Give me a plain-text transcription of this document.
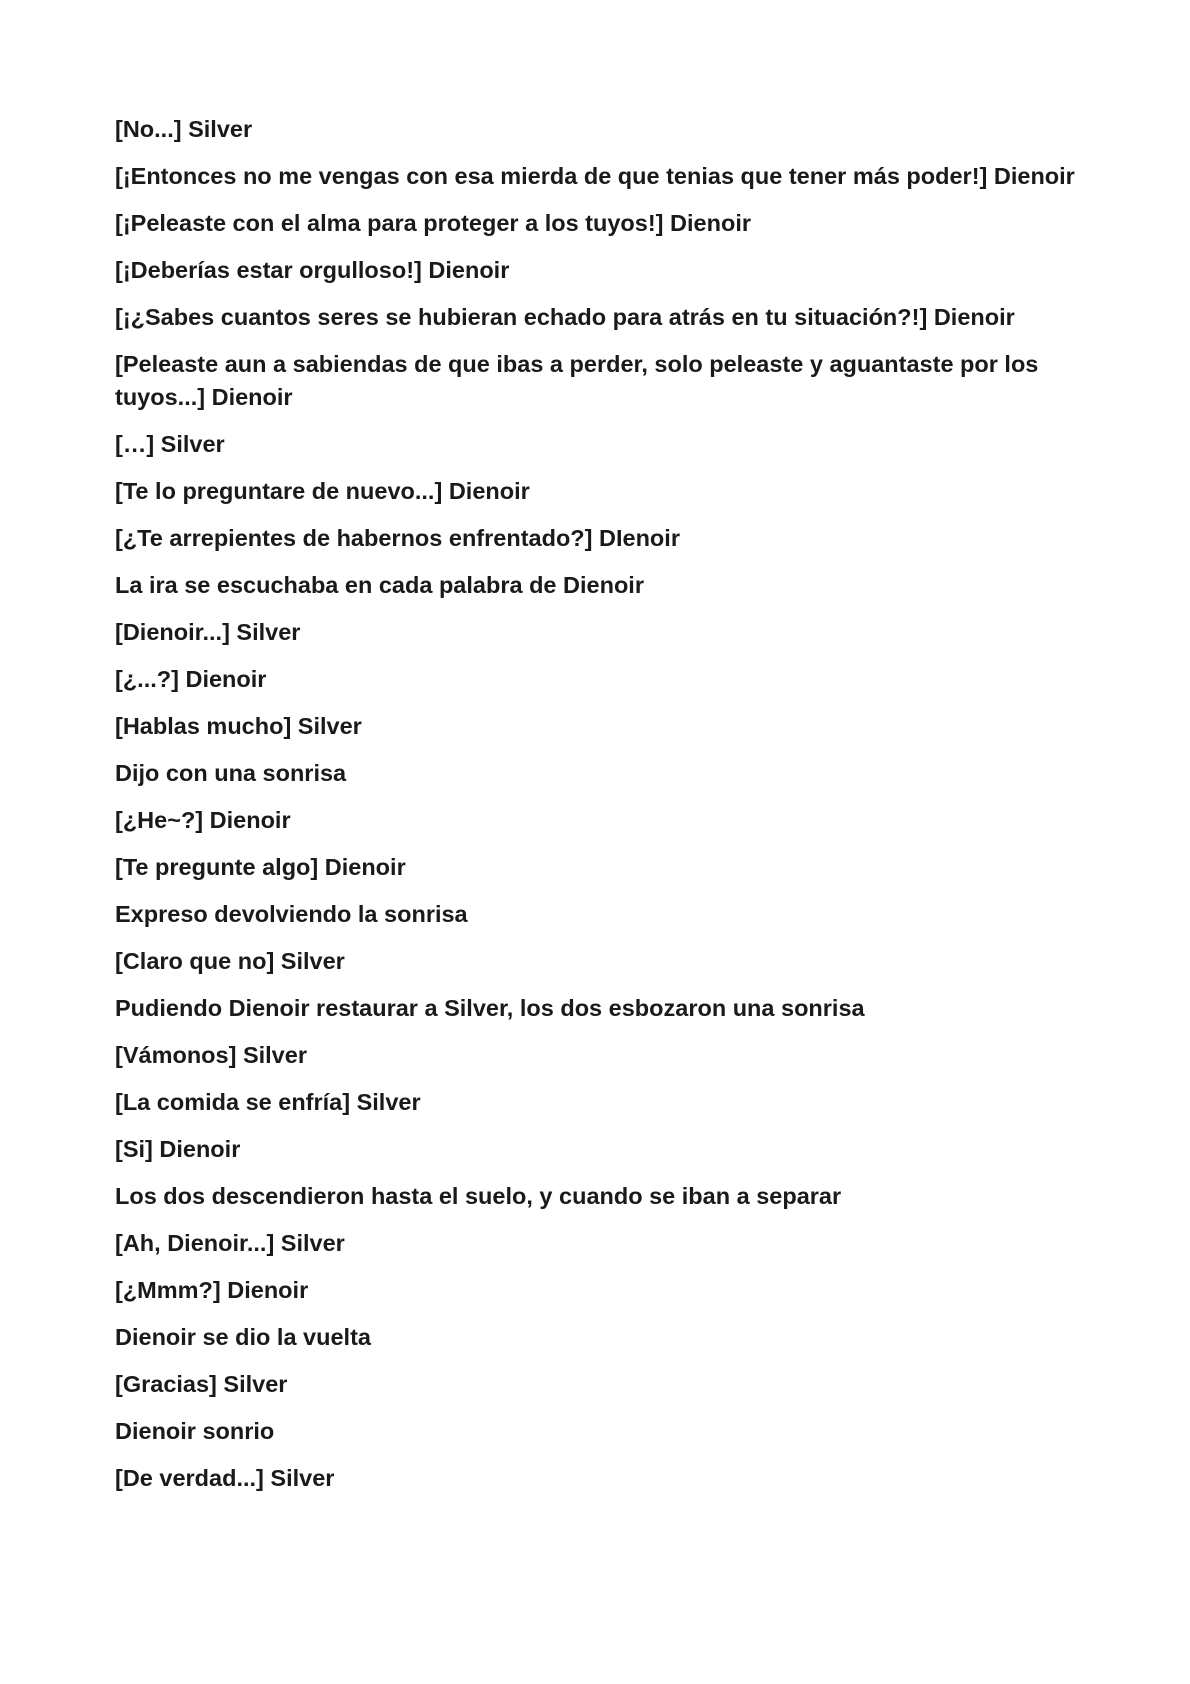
[No...] Silver

[¡Entonces no me vengas con esa mierda de que tenias que tener más poder!] Dienoir

[¡Peleaste con el alma para proteger a los tuyos!] Dienoir

[¡Deberías estar orgulloso!] Dienoir

[¡¿Sabes cuantos seres se hubieran echado para atrás en tu situación?!] Dienoir

[Peleaste aun a sabiendas de que ibas a perder, solo peleaste y aguantaste por los tuyos...] Dienoir

[…] Silver

[Te lo preguntare de nuevo...] Dienoir

[¿Te arrepientes de habernos enfrentado?] DIenoir

La ira se escuchaba en cada palabra de Dienoir

[Dienoir...] Silver

[¿...?] Dienoir

[Hablas mucho] Silver

Dijo con una sonrisa

[¿He~?] Dienoir

[Te pregunte algo] Dienoir

Expreso devolviendo la sonrisa

[Claro que no] Silver

Pudiendo Dienoir restaurar a Silver, los dos esbozaron una sonrisa

[Vámonos] Silver

[La comida se enfría] Silver

[Si] Dienoir

Los dos descendieron hasta el suelo, y cuando se iban a separar

[Ah, Dienoir...] Silver

[¿Mmm?] Dienoir

Dienoir se dio la vuelta

[Gracias] Silver

Dienoir sonrio

[De verdad...] Silver
